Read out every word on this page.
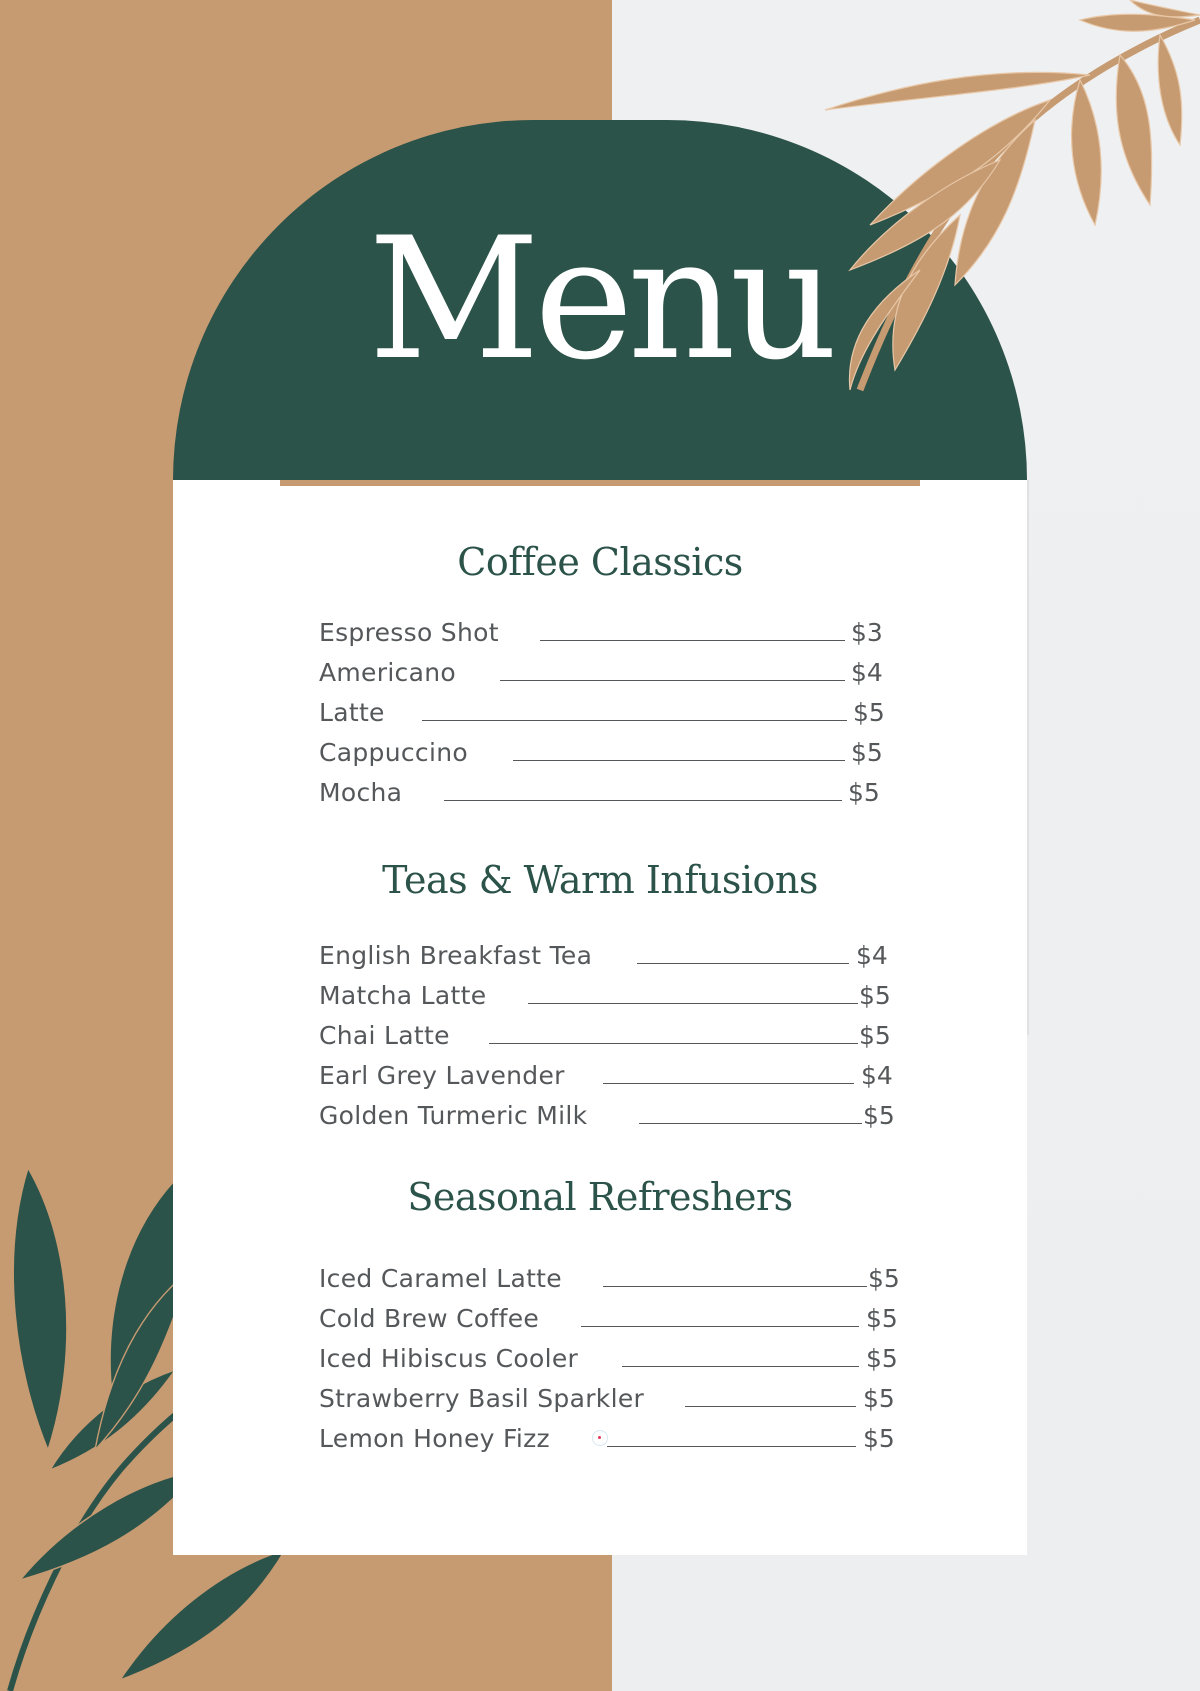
Menu
Coffee Classics
Espresso Shot	$3
Americano	$4
Latte	$5
Cappuccino	$5
Mocha	$5
Teas & Warm Infusions
English Breakfast Tea	$4
Matcha Latte	$5
Chai Latte	$5
Earl Grey Lavender	$4
Golden Turmeric Milk	$5
Seasonal Refreshers
Iced Caramel Latte	$5
Cold Brew Coffee	$5
Iced Hibiscus Cooler	$5
Strawberry Basil Sparkler	$5
Lemon Honey Fizz	$5
